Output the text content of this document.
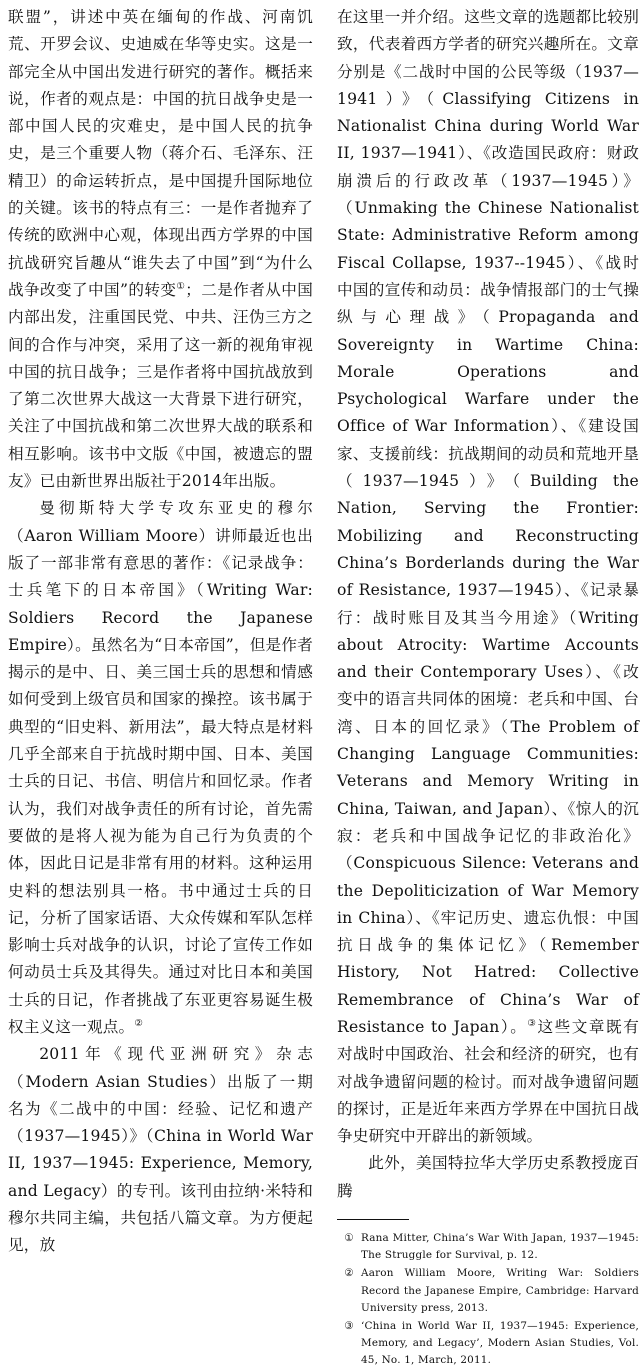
联盟”，讲述中英在缅甸的作战、河南饥荒、开罗会议、史迪威在华等史实。这是一部完全从中国出发进行研究的著作。概括来说，作者的观点是：中国的抗日战争史是一部中国人民的灾难史，是中国人民的抗争史，是三个重要人物（蒋介石、毛泽东、汪精卫）的命运转折点，是中国提升国际地位的关键。该书的特点有三：一是作者抛弃了传统的欧洲中心观，体现出西方学界的中国抗战研究旨趣从“谁失去了中国”到“为什么战争改变了中国”的转变①；二是作者从中国内部出发，注重国民党、中共、汪伪三方之间的合作与冲突，采用了这一新的视角审视中国的抗日战争；三是作者将中国抗战放到了第二次世界大战这一大背景下进行研究，关注了中国抗战和第二次世界大战的联系和相互影响。该书中文版《中国，被遗忘的盟友》已由新世界出版社于2014年出版。

曼彻斯特大学专攻东亚史的穆尔（Aaron William Moore）讲师最近也出版了一部非常有意思的著作：《记录战争：士兵笔下的日本帝国》（Writing War: Soldiers Record the Japanese Empire）。虽然名为“日本帝国”，但是作者揭示的是中、日、美三国士兵的思想和情感如何受到上级官员和国家的操控。该书属于典型的“旧史料、新用法”，最大特点是材料几乎全部来自于抗战时期中国、日本、美国士兵的日记、书信、明信片和回忆录。作者认为，我们对战争责任的所有讨论，首先需要做的是将人视为能为自己行为负责的个体，因此日记是非常有用的材料。这种运用史料的想法别具一格。书中通过士兵的日记，分析了国家话语、大众传媒和军队怎样影响士兵对战争的认识，讨论了宣传工作如何动员士兵及其得失。通过对比日本和美国士兵的日记，作者挑战了东亚更容易诞生极权主义这一观点。②

2011年《现代亚洲研究》杂志（Modern Asian Studies）出版了一期名为《二战中的中国：经验、记忆和遗产（1937—1945）》（China in World War II, 1937—1945: Experience, Memory, and Legacy）的专刊。该刊由拉纳·米特和穆尔共同主编，共包括八篇文章。为方便起见，放

在这里一并介绍。这些文章的选题都比较别致，代表着西方学者的研究兴趣所在。文章分别是《二战时中国的公民等级（1937—1941）》（Classifying Citizens in Nationalist China during World War II, 1937—1941）、《改造国民政府：财政崩溃后的行政改革（1937—1945）》（Unmaking the Chinese Nationalist State: Administrative Reform among Fiscal Collapse, 1937--1945）、《战时中国的宣传和动员：战争情报部门的士气操纵与心理战》（Propaganda and Sovereignty in Wartime China: Morale Operations and Psychological Warfare under the Office of War Information）、《建设国家、支援前线：抗战期间的动员和荒地开垦（1937—1945）》（Building the Nation, Serving the Frontier: Mobilizing and Reconstructing China’s Borderlands during the War of Resistance, 1937—1945）、《记录暴行：战时账目及其当今用途》（Writing about Atrocity: Wartime Accounts and their Contemporary Uses）、《改变中的语言共同体的困境：老兵和中国、台湾、日本的回忆录》（The Problem of Changing Language Communities: Veterans and Memory Writing in China, Taiwan, and Japan）、《惊人的沉寂：老兵和中国战争记忆的非政治化》（Conspicuous Silence: Veterans and the Depoliticization of War Memory in China）、《牢记历史、遗忘仇恨：中国抗日战争的集体记忆》（Remember History, Not Hatred: Collective Remembrance of China’s War of Resistance to Japan）。③这些文章既有对战时中国政治、社会和经济的研究，也有对战争遗留问题的检讨。而对战争遗留问题的探讨，正是近年来西方学界在中国抗日战争史研究中开辟出的新领域。

此外，美国特拉华大学历史系教授庞百腾

① Rana Mitter, China’s War With Japan, 1937—1945: The Struggle for Survival, p. 12.
② Aaron William Moore, Writing War: Soldiers Record the Japanese Empire, Cambridge: Harvard University press, 2013.
③ ‘China in World War II, 1937—1945: Experience, Memory, and Legacy’, Modern Asian Studies, Vol. 45, No. 1, March, 2011.
